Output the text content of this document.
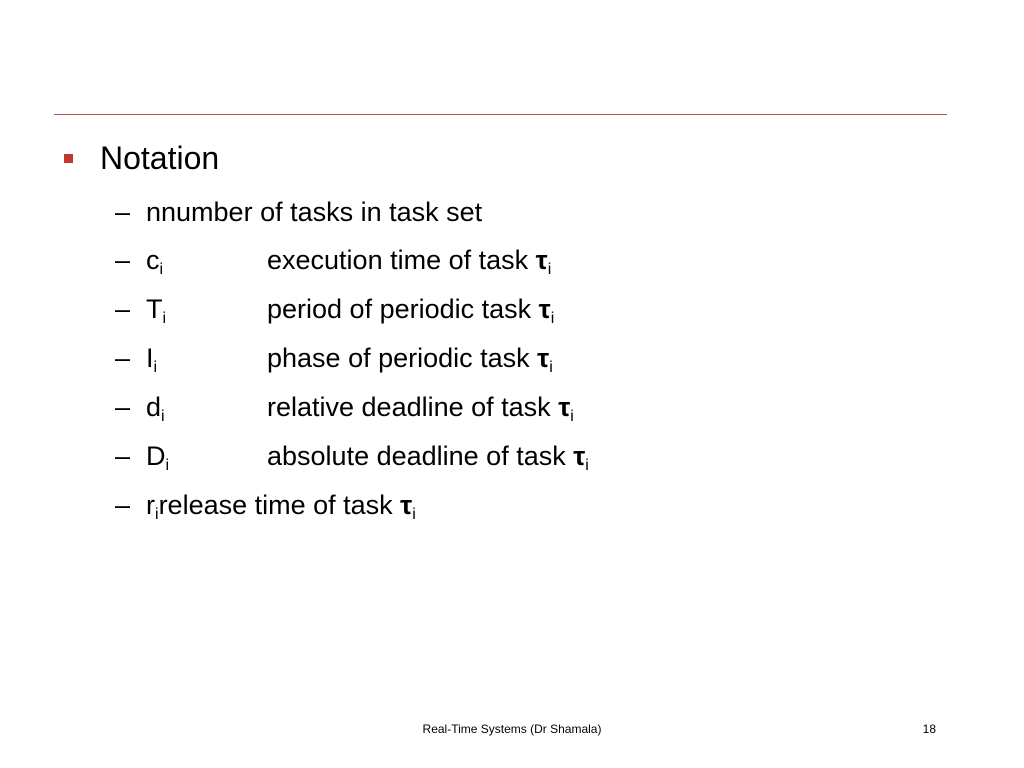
Notation
– nnumber of tasks in task set
– $c_i$	execution time of task $\tau_i$
– $T_i$	period of periodic task $\tau_i$
– $I_i$	phase of periodic task $\tau_i$
– $d_i$	relative deadline of task $\tau_i$
– $D_i$	absolute deadline of task $\tau_i$
– $r_irelease$ time of task $\tau_i$
Real-Time Systems (Dr Shamala)	18
